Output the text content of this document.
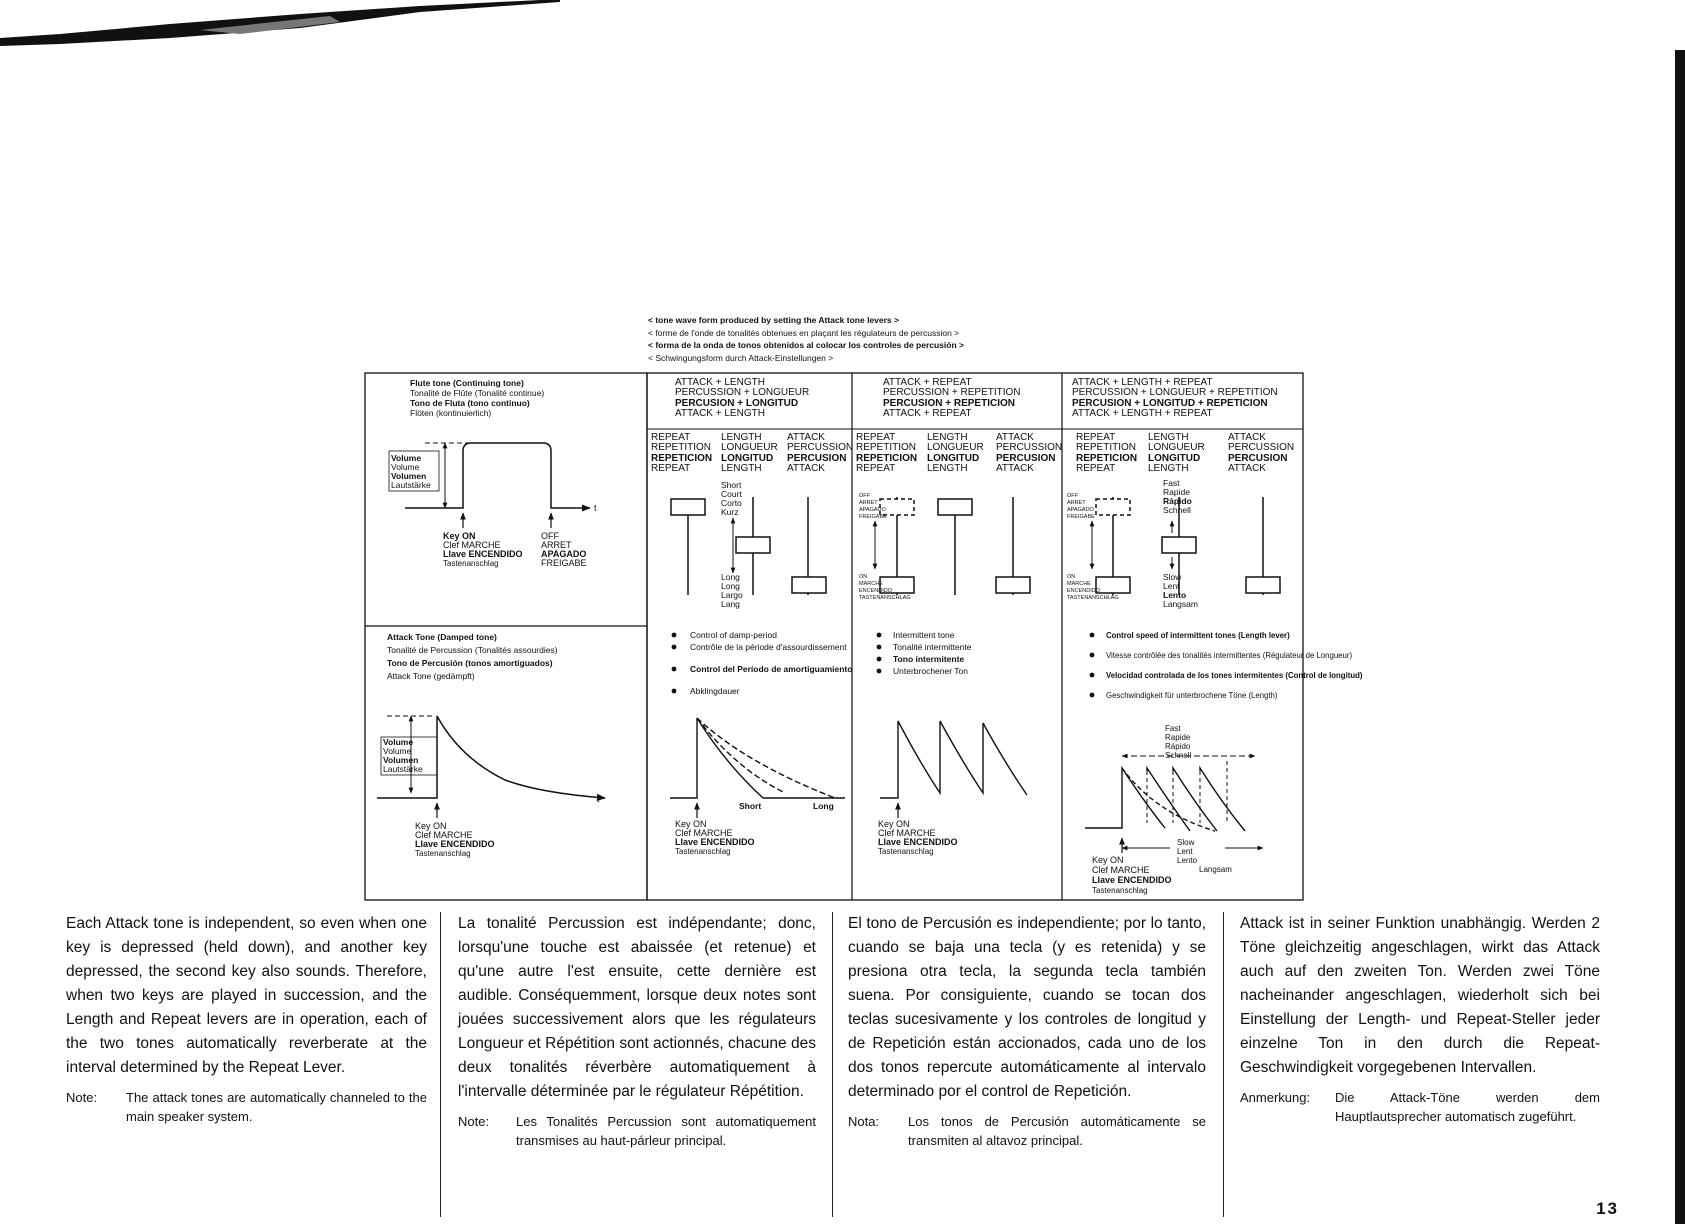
< tone wave form produced by setting the Attack tone levers >
< forme de l'onde de tonalités obtenues en plaçant les régulateurs de percussion >
< forma de la onda de tonos obtenidos al colocar los controles de percusión >
< Schwingungsform durch Attack-Einstellungen >
Flute tone (Continuing tone)
Tonalité de Flûte (Tonalité continue)
Tono de Fluta (tono continuo)
Flöten (kontinuierlich)
Volume
Volume
Volumen
Lautstärke
t
Key ON
Clef MARCHE
Llave ENCENDIDO
Tastenanschlag
OFF
ARRET
APAGADO
FREIGABE
Attack Tone (Damped tone)
Tonalité de Percussion (Tonalités assourdies)
Tono de Percusión (tonos amortiguados)
Attack Tone (gedämpft)
Volume
Volume
Volumen
Lautstärke
t
Key ON
Clef MARCHE
Llave ENCENDIDO
Tastenanschlag
ATTACK + LENGTH
PERCUSSION + LONGUEUR
PERCUSION + LONGITUD
ATTACK + LENGTH
ATTACK + REPEAT
PERCUSSION + REPETITION
PERCUSION + REPETICION
ATTACK + REPEAT
ATTACK + LENGTH + REPEAT
PERCUSSION + LONGUEUR + REPETITION
PERCUSION + LONGITUD + REPETICION
ATTACK + LENGTH + REPEAT
REPEAT	LENGTH	ATTACK
REPETITION LONGUEUR PERCUSSION
REPETICION LONGITUD PERCUSION
REPEAT	LENGTH	ATTACK
REPEAT	LENGTH	ATTACK
REPETITION LONGUEUR PERCUSSION
REPETICION LONGITUD PERCUSION
REPEAT	LENGTH	ATTACK
REPEAT	LENGTH	ATTACK
REPETITION LONGUEUR PERCUSSION
REPETICION LONGITUD	PERCUSION
REPEAT	LENGTH	ATTACK
Short
Court
Corto
Kurz
Long
Long
Largo
Lang
OFF
ARRET
APAGADO
FREIGABE
ON
MARCHE
ENCENDIDO
TASTENANSCHLAG
OFF
ARRET
APAGADO
FREIGABE
ON
MARCHE
ENCENDIDO
TASTENANSCHLAG
Fast
Rapide
Rápido
Schnell
Slow
Lent
Lento
Langsam
Control of damp-period
Contrôle de la période d'assourdissement
Control del Período de amortiguamiento
Abklingdauer
Intermittent tone
Tonalité intermittente
Tono intermitente
Unterbrochener Ton
Control speed of intermittent tones (Length lever)
Vitesse contrôlée des tonalités intermittentes (Régulateur de Longueur)
Velocidad controlada de los tones intermitentes (Control de longitud)
Geschwindigkeit für unterbrochene Töne (Length)
Short	Long
Key ON
Clef MARCHE
Llave ENCENDIDO
Tastenanschlag
Key ON
Clef MARCHE
Llave ENCENDIDO
Tastenanschlag
Fast
Rapide
Rápido
Schnell
Slow
Lent
Lento
Langsam
Key ON
Clef MARCHE
Llave ENCENDIDO
Tastenanschlag

Each Attack tone is independent, so even when one key is depressed (held down), and another key depressed, the second key also sounds. Therefore, when two keys are played in succession, and the Length and Repeat levers are in operation, each of the two tones automatically reverberate at the interval determined by the Repeat Lever.

Note:	The attack tones are automatically channeled to the main speaker system.

La tonalité Percussion est indépendante; donc, lorsqu'une touche est abaissée (et retenue) et qu'une autre l'est ensuite, cette dernière est audible. Conséquemment, lorsque deux notes sont jouées successivement alors que les régulateurs Longueur et Répétition sont actionnés, chacune des deux tonalités réverbère automatiquement à l'intervalle déterminée par le régulateur Répétition.

Note:	Les Tonalités Percussion sont automatiquement transmises au haut-párleur principal.

El tono de Percusión es independiente; por lo tanto, cuando se baja una tecla (y es retenida) y se presiona otra tecla, la segunda tecla también suena. Por consiguiente, cuando se tocan dos teclas sucesivamente y los controles de longitud y de Repetición están accionados, cada uno de los dos tonos repercute automáticamente al intervalo determinado por el control de Repetición.

Nota:	Los tonos de Percusión automáticamente se transmiten al altavoz principal.

Attack ist in seiner Funktion unabhängig. Werden 2 Töne gleichzeitig angeschlagen, wirkt das Attack auch auf den zweiten Ton. Werden zwei Töne nacheinander angeschlagen, wiederholt sich bei Einstellung der Length- und Repeat-Steller jeder einzelne Ton in den durch die Repeat-Geschwindigkeit vorgegebenen Intervallen.

Anmerkung:	Die Attack-Töne werden dem Hauptlautsprecher automatisch zugeführt.
13
